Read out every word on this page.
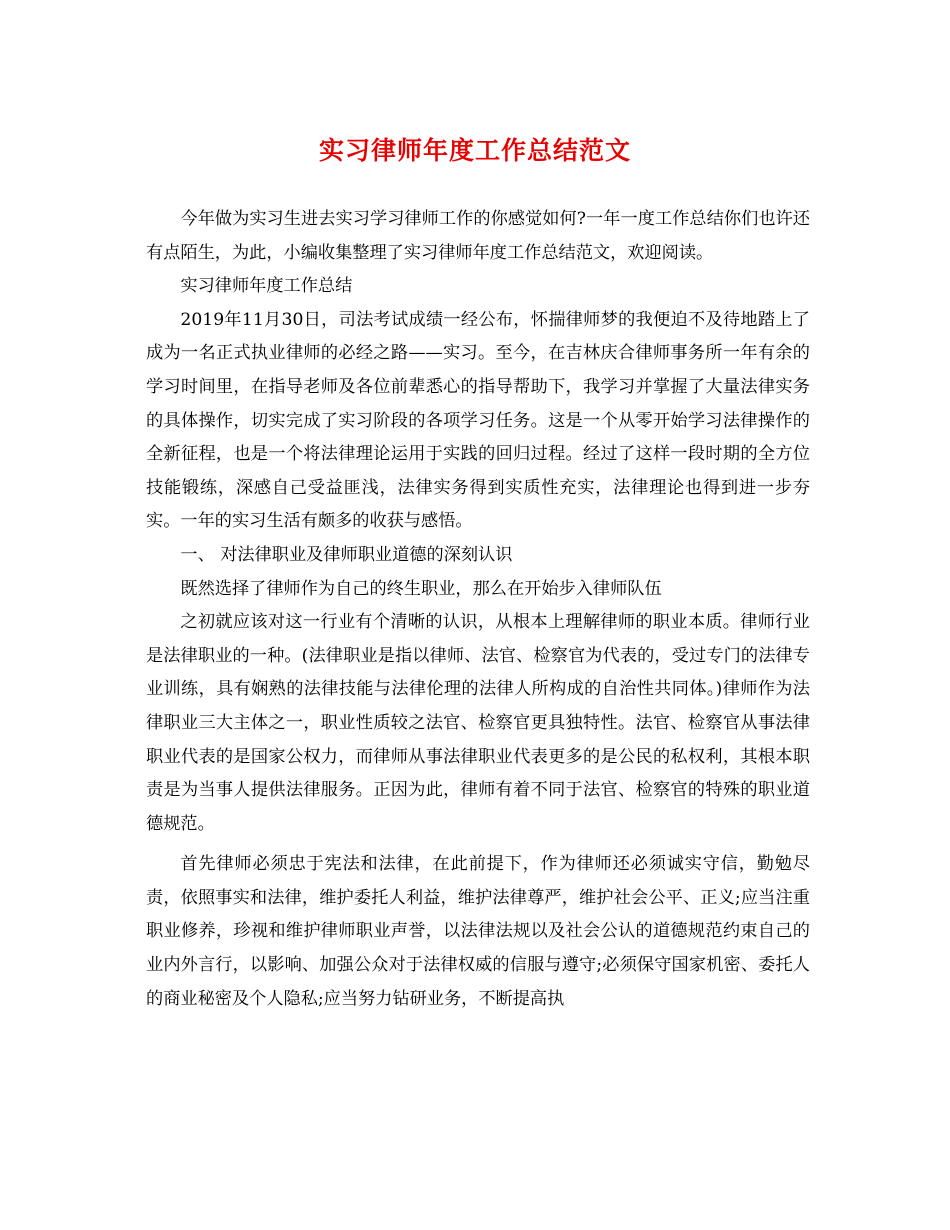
实习律师年度工作总结范文

今年做为实习生进去实习学习律师工作的你感觉如何?一年一度工作总结你们也许还有点陌生，为此，小编收集整理了实习律师年度工作总结范文，欢迎阅读。

实习律师年度工作总结

2019年11月30日，司法考试成绩一经公布，怀揣律师梦的我便迫不及待地踏上了成为一名正式执业律师的必经之路——实习。至今，在吉林庆合律师事务所一年有余的学习时间里，在指导老师及各位前辈悉心的指导帮助下，我学习并掌握了大量法律实务的具体操作，切实完成了实习阶段的各项学习任务。这是一个从零开始学习法律操作的全新征程，也是一个将法律理论运用于实践的回归过程。经过了这样一段时期的全方位技能锻练，深感自己受益匪浅，法律实务得到实质性充实，法律理论也得到进一步夯实。一年的实习生活有颇多的收获与感悟。

一、 对法律职业及律师职业道德的深刻认识

既然选择了律师作为自己的终生职业，那么在开始步入律师队伍

之初就应该对这一行业有个清晰的认识，从根本上理解律师的职业本质。律师行业是法律职业的一种。(法律职业是指以律师、法官、检察官为代表的，受过专门的法律专业训练，具有娴熟的法律技能与法律伦理的法律人所构成的自治性共同体。)律师作为法律职业三大主体之一，职业性质较之法官、检察官更具独特性。法官、检察官从事法律职业代表的是国家公权力，而律师从事法律职业代表更多的是公民的私权利，其根本职责是为当事人提供法律服务。正因为此，律师有着不同于法官、检察官的特殊的职业道德规范。

首先律师必须忠于宪法和法律，在此前提下，作为律师还必须诚实守信，勤勉尽责，依照事实和法律，维护委托人利益，维护法律尊严，维护社会公平、正义;应当注重职业修养，珍视和维护律师职业声誉，以法律法规以及社会公认的道德规范约束自己的业内外言行，以影响、加强公众对于法律权威的信服与遵守;必须保守国家机密、委托人的商业秘密及个人隐私;应当努力钻研业务，不断提高执
